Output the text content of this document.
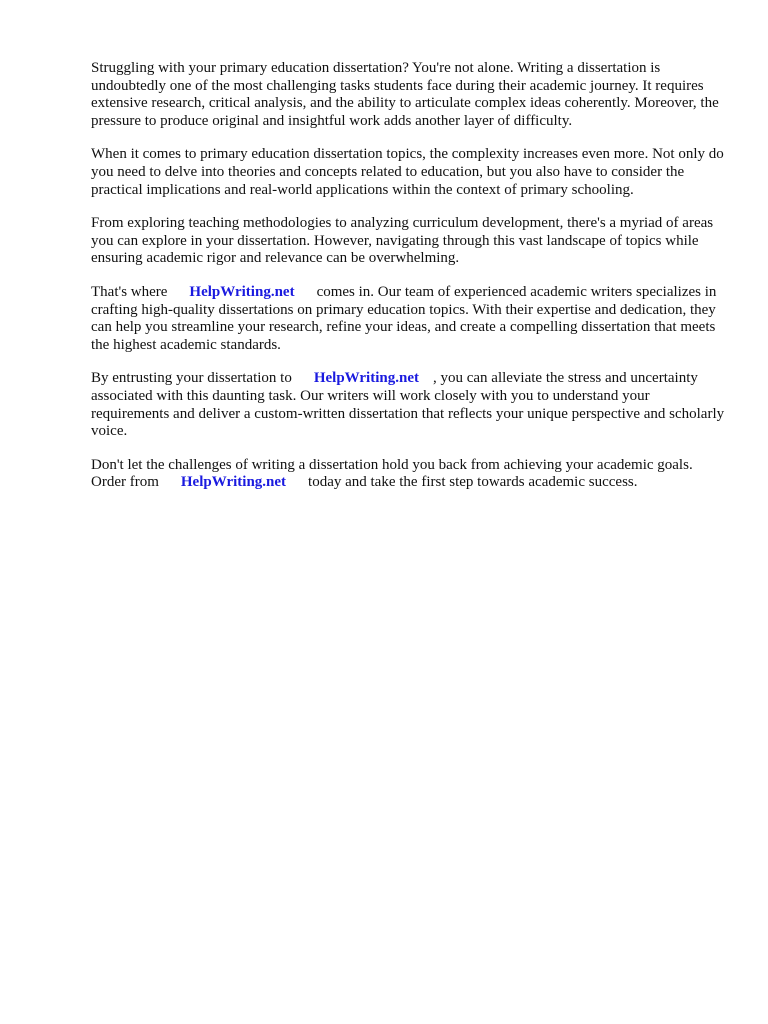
Struggling with your primary education dissertation? You're not alone. Writing a dissertation is undoubtedly one of the most challenging tasks students face during their academic journey. It requires extensive research, critical analysis, and the ability to articulate complex ideas coherently. Moreover, the pressure to produce original and insightful work adds another layer of difficulty.

When it comes to primary education dissertation topics, the complexity increases even more. Not only do you need to delve into theories and concepts related to education, but you also have to consider the practical implications and real-world applications within the context of primary schooling.

From exploring teaching methodologies to analyzing curriculum development, there's a myriad of areas you can explore in your dissertation. However, navigating through this vast landscape of topics while ensuring academic rigor and relevance can be overwhelming.

That's where HelpWriting.net comes in. Our team of experienced academic writers specializes in crafting high-quality dissertations on primary education topics. With their expertise and dedication, they can help you streamline your research, refine your ideas, and create a compelling dissertation that meets the highest academic standards.

By entrusting your dissertation to HelpWriting.net , you can alleviate the stress and uncertainty associated with this daunting task. Our writers will work closely with you to understand your requirements and deliver a custom-written dissertation that reflects your unique perspective and scholarly voice.

Don't let the challenges of writing a dissertation hold you back from achieving your academic goals. Order from HelpWriting.net today and take the first step towards academic success.
